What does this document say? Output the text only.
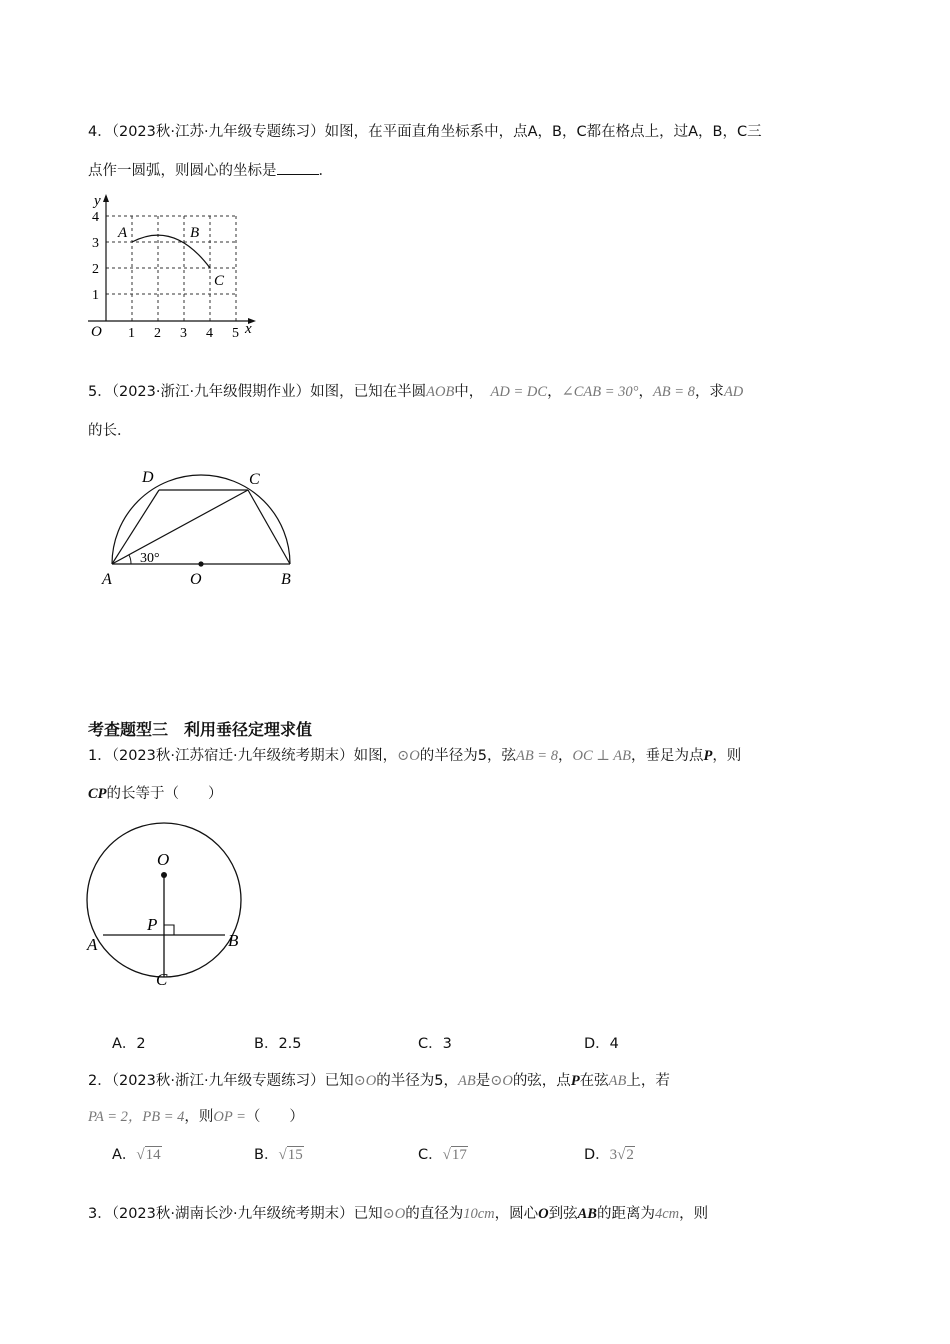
4．（2023秋·江苏·九年级专题练习）如图，在平面直角坐标系中，点A，B，C都在格点上，过A，B，C三
点作一圆弧，则圆心的坐标是	．
y
x
O 1 2 3 4 5
1
2
3
4
A	B
C
5．（2023·浙江·九年级假期作业）如图，已知在半圆AOB中，　 AD = DC，∠CAB = 30°，AB = 8，求AD
的长．
30°
D	C
A	O	B
考查题型三　利用垂径定理求值
1．（2023秋·江苏宿迁·九年级统考期末）如图，⊙O的半径为5，弦AB = 8，OC ⊥ AB，垂足为点P，则
CP的长等于（　　）
O
P
A	B
C
A．2	B．2.5	C．3	D．4
2．（2023秋·浙江·九年级专题练习）已知⊙O的半径为5，AB是⊙O的弦，点P在弦AB上，若
PA = 2，PB = 4，则OP =（　　）
A．√14	B．√15	C．√17	D．3√2
3．（2023秋·湖南长沙·九年级统考期末）已知⊙O的直径为10cm，圆心O到弦AB的距离为4cm，则
